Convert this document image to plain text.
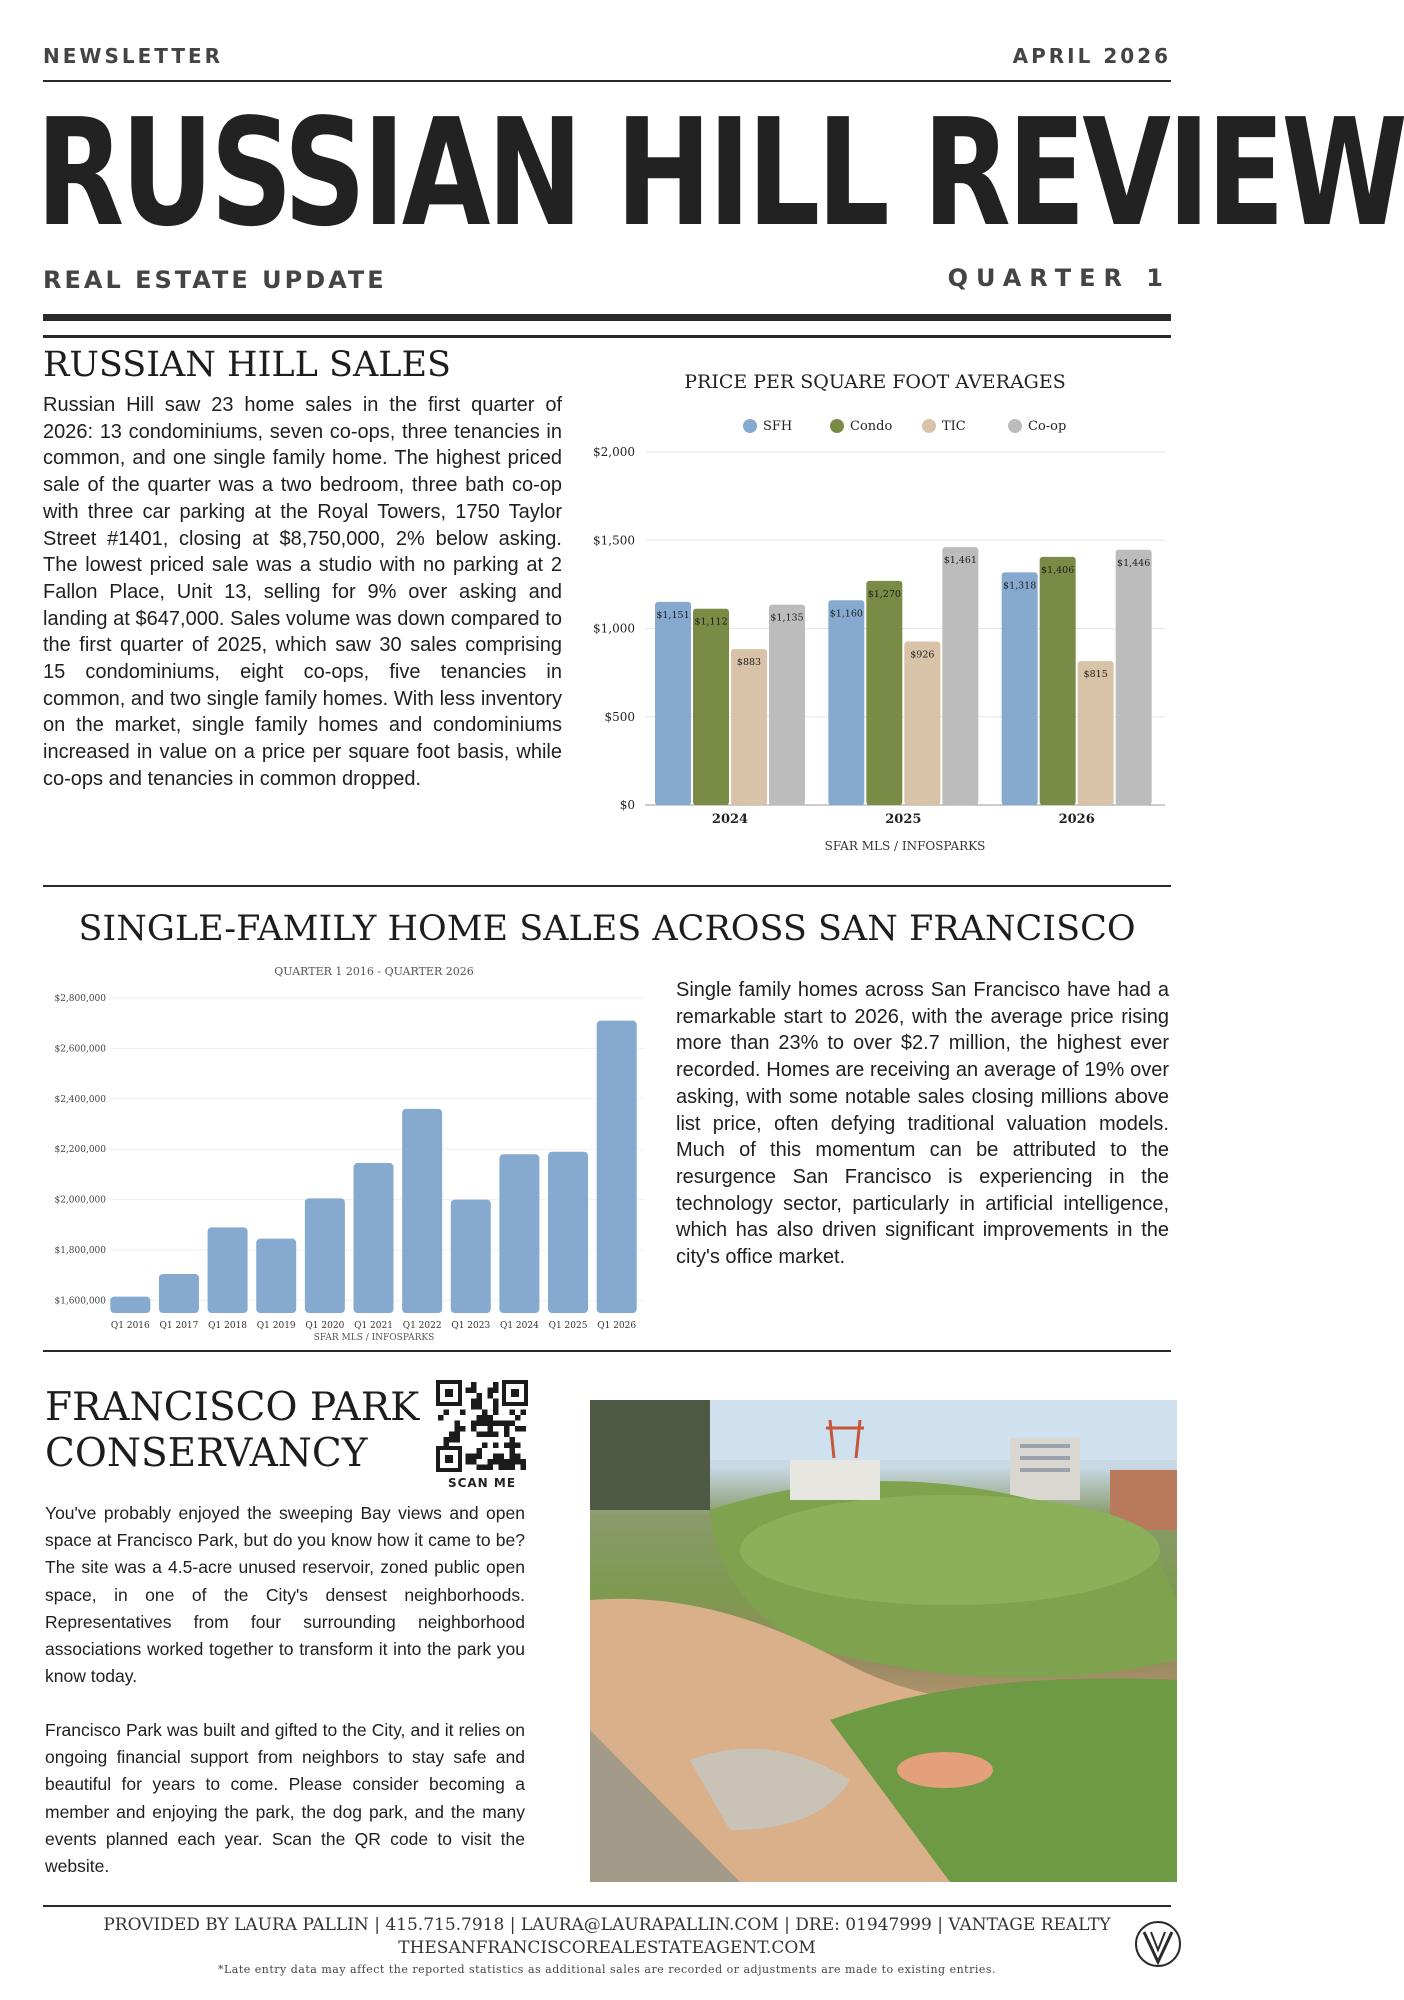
NEWSLETTER	APRIL 2026
RUSSIAN HILL REVIEW
REAL ESTATE UPDATE	QUARTER 1
RUSSIAN HILL SALES
Russian Hill saw 23 home sales in the first quarter of 2026: 13 condominiums, seven co-ops, three tenancies in common, and one single family home. The highest priced sale of the quarter was a two bedroom, three bath co-op with three car parking at the Royal Towers, 1750 Taylor Street #1401, closing at $8,750,000, 2% below asking. The lowest priced sale was a studio with no parking at 2 Fallon Place, Unit 13, selling for 9% over asking and landing at $647,000. Sales volume was down compared to the first quarter of 2025, which saw 30 sales comprising 15 condominiums, eight co-ops, five tenancies in common, and two single family homes. With less inventory on the market, single family homes and condominiums increased in value on a price per square foot basis, while co-ops and tenancies in common dropped.
PRICE PER SQUARE FOOT AVERAGES
SFH	Condo	TIC	Co-op
$0
$500
$1,000
$1,500
$2,000
$1,151
$1,112
$883
$1,135	$1,160
$1,270
$926
$1,461
$1,318
$1,406
$815
$1,446
2024	2025	2026
SFAR MLS / INFOSPARKS
SINGLE-FAMILY HOME SALES ACROSS SAN FRANCISCO
QUARTER 1 2016 - QUARTER 2026
$1,600,000
$1,800,000
$2,000,000
$2,200,000
$2,400,000
$2,600,000
$2,800,000
Q1 2016 Q1 2017 Q1 2018 Q1 2019 Q1 2020 Q1 2021 Q1 2022 Q1 2023 Q1 2024 Q1 2025 Q1 2026
SFAR MLS / INFOSPARKS
Single family homes across San Francisco have had a remarkable start to 2026, with the average price rising more than 23% to over $2.7 million, the highest ever recorded. Homes are receiving an average of 19% over asking, with some notable sales closing millions above list price, often defying traditional valuation models. Much of this momentum can be attributed to the resurgence San Francisco is experiencing in the technology sector, particularly in artificial intelligence, which has also driven significant improvements in the city's office market.
FRANCISCO PARK
CONSERVANCY
SCAN ME
You've probably enjoyed the sweeping Bay views and open space at Francisco Park, but do you know how it came to be? The site was a 4.5-acre unused reservoir, zoned public open space, in one of the City's densest neighborhoods. Representatives from four surrounding neighborhood associations worked together to transform it into the park you know today.
Francisco Park was built and gifted to the City, and it relies on ongoing financial support from neighbors to stay safe and beautiful for years to come. Please consider becoming a member and enjoying the park, the dog park, and the many events planned each year. Scan the QR code to visit the website.
PROVIDED BY LAURA PALLIN | 415.715.7918 | LAURA@LAURAPALLIN.COM | DRE: 01947999 | VANTAGE REALTY
THESANFRANCISCOREALESTATEAGENT.COM
*Late entry data may affect the reported statistics as additional sales are recorded or adjustments are made to existing entries.
